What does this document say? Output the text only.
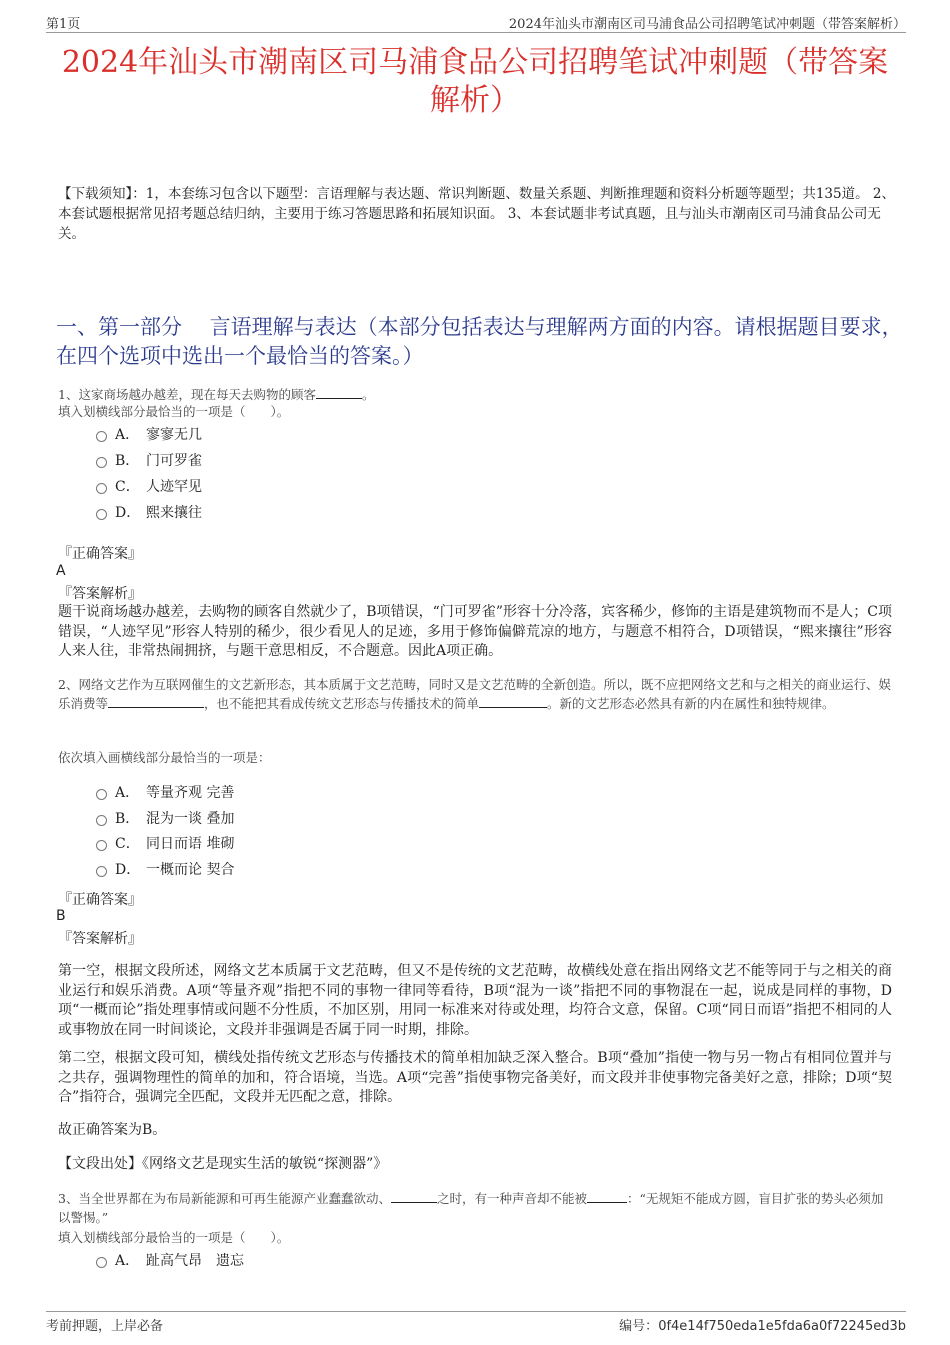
第1页	2024年汕头市潮南区司马浦食品公司招聘笔试冲刺题（带答案解析）
2024年汕头市潮南区司马浦食品公司招聘笔试冲刺题（带答案解析）
【下载须知】：1，本套练习包含以下题型：言语理解与表达题、常识判断题、数量关系题、判断推理题和资料分析题等题型；共135道。 2、本套试题根据常见招考题总结归纳，主要用于练习答题思路和拓展知识面。 3、本套试题非考试真题，且与汕头市潮南区司马浦食品公司无关。
一、第一部分　 言语理解与表达（本部分包括表达与理解两方面的内容。请根据题目要求，在四个选项中选出一个最恰当的答案。）
1、这家商场越办越差，现在每天去购物的顾客	。
填入划横线部分最恰当的一项是（　　）。
A． 寥寥无几
B． 门可罗雀
C． 人迹罕见
D． 熙来攘往
『正确答案』
A
『答案解析』
题干说商场越办越差，去购物的顾客自然就少了，B项错误，“门可罗雀”形容十分冷落，宾客稀少，修饰的主语是建筑物而不是人；C项错误，“人迹罕见”形容人特别的稀少，很少看见人的足迹，多用于修饰偏僻荒凉的地方，与题意不相符合，D项错误，“熙来攘往”形容人来人往，非常热闹拥挤，与题干意思相反，不合题意。因此A项正确。
2、网络文艺作为互联网催生的文艺新形态，其本质属于文艺范畴，同时又是文艺范畴的全新创造。所以，既不应把网络文艺和与之相关的商业运行、娱乐消费等	，也不能把其看成传统文艺形态与传播技术的简单	。新的文艺形态必然具有新的内在属性和独特规律。
依次填入画横线部分最恰当的一项是：
A． 等量齐观 完善
B． 混为一谈 叠加
C． 同日而语 堆砌
D． 一概而论 契合
『正确答案』
B
『答案解析』
第一空，根据文段所述，网络文艺本质属于文艺范畴，但又不是传统的文艺范畴，故横线处意在指出网络文艺不能等同于与之相关的商业运行和娱乐消费。A项“等量齐观”指把不同的事物一律同等看待，B项“混为一谈”指把不同的事物混在一起，说成是同样的事物，D项“一概而论”指处理事情或问题不分性质，不加区别，用同一标准来对待或处理，均符合文意，保留。C项“同日而语”指把不相同的人或事物放在同一时间谈论，文段并非强调是否属于同一时期，排除。
第二空，根据文段可知，横线处指传统文艺形态与传播技术的简单相加缺乏深入整合。B项“叠加”指使一物与另一物占有相同位置并与之共存，强调物理性的简单的加和，符合语境，当选。A项“完善”指使事物完备美好，而文段并非使事物完备美好之意，排除；D项“契合”指符合，强调完全匹配，文段并无匹配之意，排除。
故正确答案为B。
【文段出处】《网络文艺是现实生活的敏锐“探测器”》
3、当全世界都在为布局新能源和可再生能源产业蠢蠢欲动、	之时，有一种声音却不能被	：“无规矩不能成方圆，盲目扩张的势头必须加以警惕。”
填入划横线部分最恰当的一项是（　　）。
A． 趾高气昂　遗忘
考前押题，上岸必备	编号：0f4e14f750eda1e5fda6a0f72245ed3b
